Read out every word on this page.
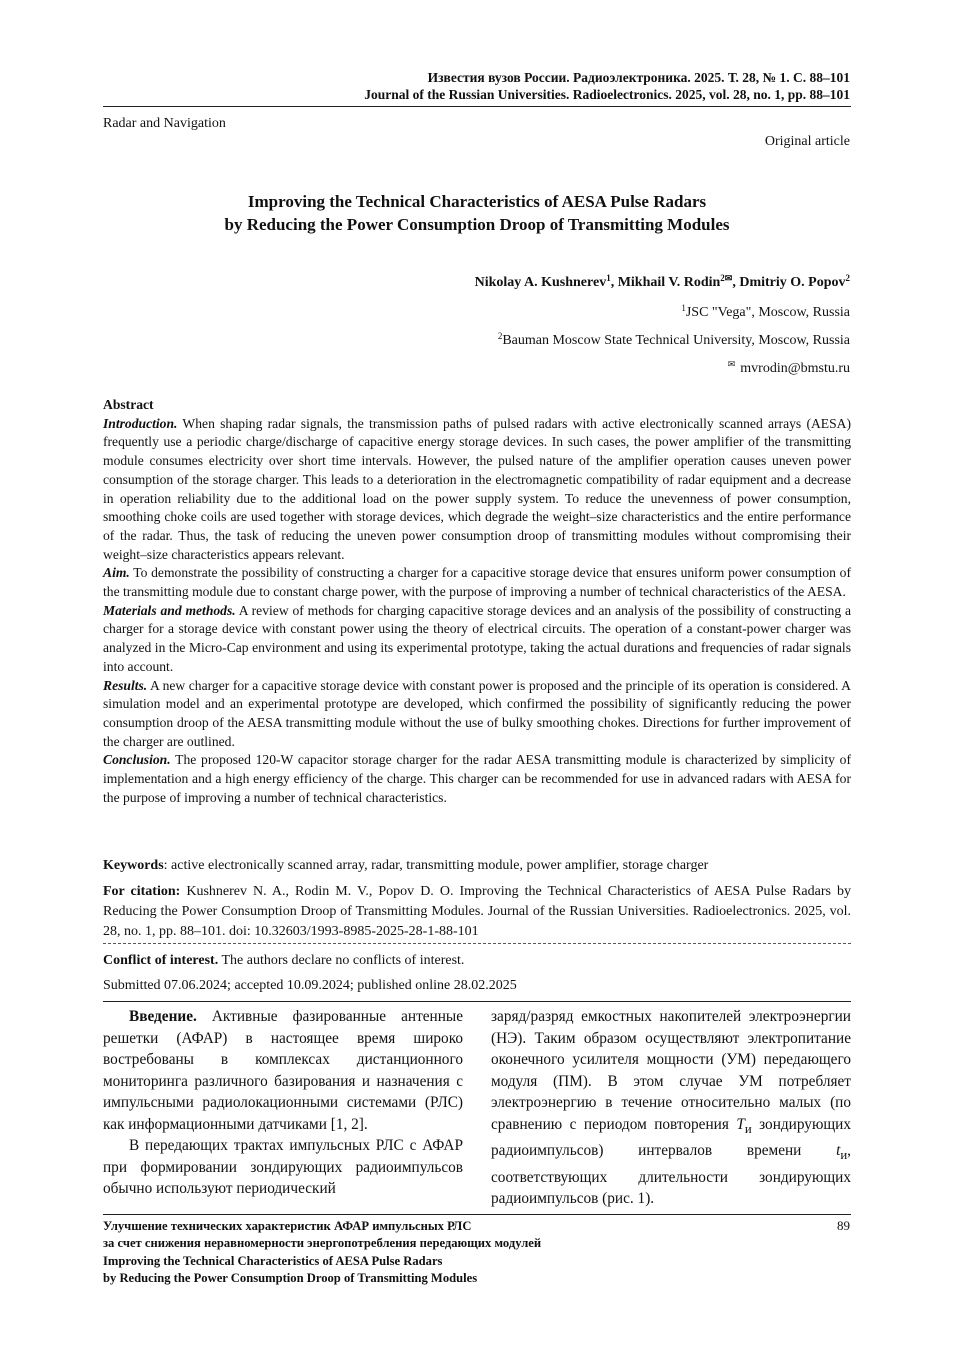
Известия вузов России. Радиоэлектроника. 2025. Т. 28, № 1. С. 88–101
Journal of the Russian Universities. Radioelectronics. 2025, vol. 28, no. 1, pp. 88–101
Radar and Navigation
Original article
Improving the Technical Characteristics of AESA Pulse Radars
by Reducing the Power Consumption Droop of Transmitting Modules
Nikolay A. Kushnerev$^1$, Mikhail V. Rodin$^{2✉}$, Dmitriy O. Popov$^2$
$^1$JSC "Vega", Moscow, Russia
$^2$Bauman Moscow State Technical University, Moscow, Russia
✉ mvrodin@bmstu.ru

Abstract

Introduction. When shaping radar signals, the transmission paths of pulsed radars with active electronically scanned arrays (AESA) frequently use a periodic charge/discharge of capacitive energy storage devices. In such cases, the power amplifier of the transmitting module consumes electricity over short time intervals. However, the pulsed nature of the amplifier operation causes uneven power consumption of the storage charger. This leads to a deterioration in the electromagnetic compatibility of radar equipment and a decrease in operation reliability due to the additional load on the power supply system. To reduce the unevenness of power consumption, smoothing choke coils are used together with storage devices, which degrade the weight–size characteristics and the entire performance of the radar. Thus, the task of reducing the uneven power consumption droop of transmitting modules without compromising their weight–size characteristics appears relevant.

Aim. To demonstrate the possibility of constructing a charger for a capacitive storage device that ensures uniform power consumption of the transmitting module due to constant charge power, with the purpose of improving a number of technical characteristics of the AESA.

Materials and methods. A review of methods for charging capacitive storage devices and an analysis of the possibility of constructing a charger for a storage device with constant power using the theory of electrical circuits. The operation of a constant-power charger was analyzed in the Micro-Cap environment and using its experimental prototype, taking the actual durations and frequencies of radar signals into account.

Results. A new charger for a capacitive storage device with constant power is proposed and the principle of its operation is considered. A simulation model and an experimental prototype are developed, which confirmed the possibility of significantly reducing the power consumption droop of the AESA transmitting module without the use of bulky smoothing chokes. Directions for further improvement of the charger are outlined.

Conclusion. The proposed 120-W capacitor storage charger for the radar AESA transmitting module is characterized by simplicity of implementation and a high energy efficiency of the charge. This charger can be recommended for use in advanced radars with AESA for the purpose of improving a number of technical characteristics.

Keywords: active electronically scanned array, radar, transmitting module, power amplifier, storage charger
For citation: Kushnerev N. A., Rodin M. V., Popov D. O. Improving the Technical Characteristics of AESA Pulse Radars by Reducing the Power Consumption Droop of Transmitting Modules. Journal of the Russian Universities. Radioelectronics. 2025, vol. 28, no. 1, pp. 88–101. doi: 10.32603/1993-8985-2025-28-1-88-101
Conflict of interest. The authors declare no conflicts of interest.
Submitted 07.06.2024; accepted 10.09.2024; published online 28.02.2025

Введение. Активные фазированные антенные решетки (АФАР) в настоящее время широко востребованы в комплексах дистанционного мониторинга различного базирования и назначения с импульсными радиолокационными системами (РЛС) как информационными датчиками [1, 2].

В передающих трактах импульсных РЛС с АФАР при формировании зондирующих радиоимпульсов обычно используют периодический

заряд/разряд емкостных накопителей электроэнергии (НЭ). Таким образом осуществляют электропитание оконечного усилителя мощности (УМ) передающего модуля (ПМ). В этом случае УМ потребляет электроэнергию в течение относительно малых (по сравнению с периодом повторения $T_и$ зондирующих радиоимпульсов) интервалов времени $t_и$, соответствующих длительности зондирующих радиоимпульсов (рис. 1).

Улучшение технических характеристик АФАР импульсных РЛС
за счет снижения неравномерности энергопотребления передающих модулей
Improving the Technical Characteristics of AESA Pulse Radars
by Reducing the Power Consumption Droop of Transmitting Modules
89
